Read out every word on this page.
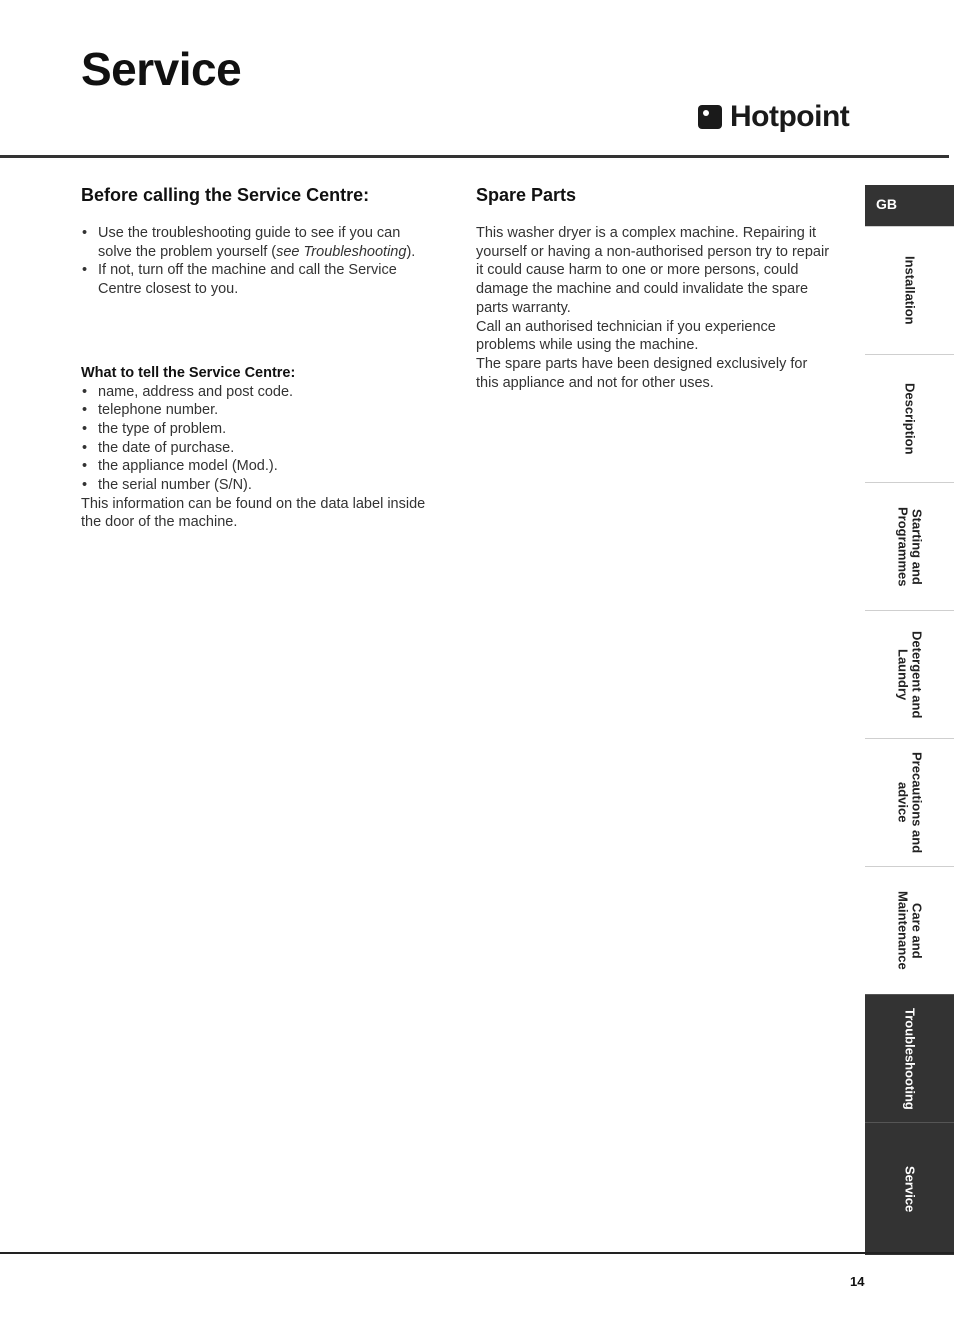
Service
Hotpoint
Before calling the Service Centre:
• Use the troubleshooting guide to see if you can solve the problem yourself (see Troubleshooting).
• If not, turn off the machine and call the Service Centre closest to you.
What to tell the Service Centre:
• name, address and post code.
• telephone number.
• the type of problem.
• the date of purchase.
• the appliance model (Mod.).
• the serial number (S/N).

This information can be found on the data label inside the door of the machine.

Spare Parts

This washer dryer is a complex machine. Repairing it yourself or having a non-authorised person try to repair it could cause harm to one or more persons, could damage the machine and could invalidate the spare parts warranty.

Call an authorised technician if you experience problems while using the machine.

The spare parts have been designed exclusively for this appliance and not for other uses.

GB
Installation
Description
Starting and Programmes
Detergent and Laundry
Precautions and advice
Care and Maintenance
Troubleshooting
Service
14
